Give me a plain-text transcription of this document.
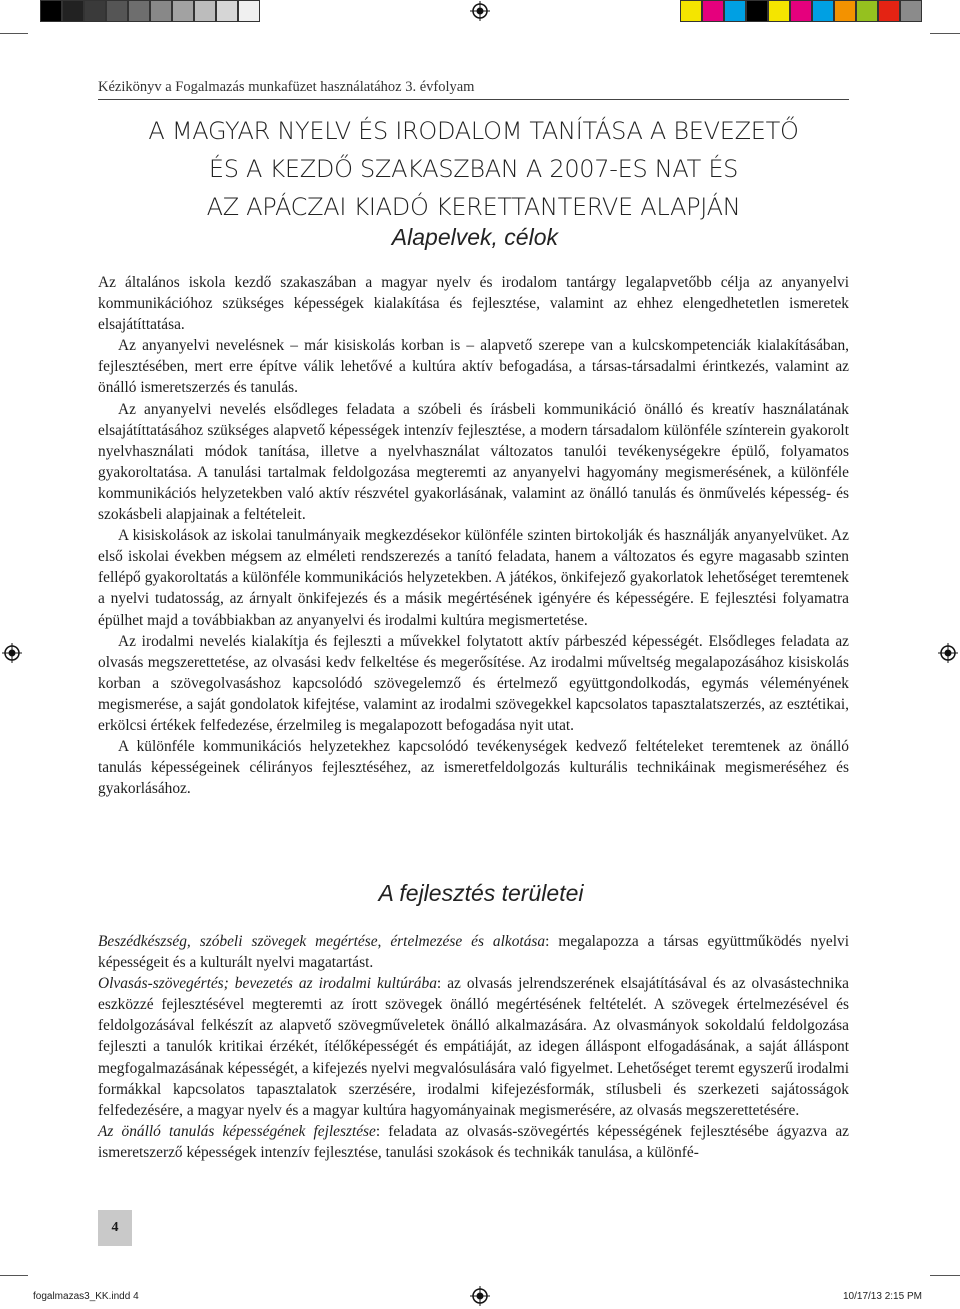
Kézikönyv a Fogalmazás munkafüzet használatához 3. évfolyam
A MAGYAR NYELV ÉS IRODALOM TANÍTÁSA A BEVEZETŐ
ÉS A KEZDŐ SZAKASZBAN A 2007-ES NAT ÉS
AZ APÁCZAI KIADÓ KERETTANTERVE ALAPJÁN
Alapelvek, célok

Az általános iskola kezdő szakaszában a magyar nyelv és irodalom tantárgy legalapvetőbb célja az anyanyelvi kommunikációhoz szükséges képességek kialakítása és fejlesztése, valamint az ehhez elengedhetetlen ismeretek elsajátíttatása.

Az anyanyelvi nevelésnek – már kisiskolás korban is – alapvető szerepe van a kulcskompetenciák kialakításában, fejlesztésében, mert erre építve válik lehetővé a kultúra aktív befogadása, a társas-társadalmi érintkezés, valamint az önálló ismeretszerzés és tanulás.

Az anyanyelvi nevelés elsődleges feladata a szóbeli és írásbeli kommunikáció önálló és kreatív használatának elsajátíttatásához szükséges alapvető képességek intenzív fejlesztése, a modern társadalom különféle színterein gyakorolt nyelvhasználati módok tanítása, illetve a nyelvhasználat változatos tanulói tevékenységekre épülő, folyamatos gyakoroltatása. A tanulási tartalmak feldolgozása megteremti az anyanyelvi hagyomány megismerésének, a különféle kommunikációs helyzetekben való aktív részvétel gyakorlásának, valamint az önálló tanulás és önművelés képesség- és szokásbeli alapjainak a feltételeit.

A kisiskolások az iskolai tanulmányaik megkezdésekor különféle szinten birtokolják és használják anyanyelvüket. Az első iskolai években mégsem az elméleti rendszerezés a tanító feladata, hanem a változatos és egyre magasabb szinten fellépő gyakoroltatás a különféle kommunikációs helyzetekben. A játékos, önkifejező gyakorlatok lehetőséget teremtenek a nyelvi tudatosság, az árnyalt önkifejezés és a másik megértésének igényére és képességére. E fejlesztési folyamatra épülhet majd a továbbiakban az anyanyelvi és irodalmi kultúra megismertetése.

Az irodalmi nevelés kialakítja és fejleszti a művekkel folytatott aktív párbeszéd képességét. Elsődleges feladata az olvasás megszerettetése, az olvasási kedv felkeltése és megerősítése. Az irodalmi műveltség megalapozásához kisiskolás korban a szövegolvasáshoz kapcsolódó szövegelemző és értelmező együttgondolkodás, egymás véleményének megismerése, a saját gondolatok kifejtése, valamint az irodalmi szövegekkel kapcsolatos tapasztalatszerzés, az esztétikai, erkölcsi értékek felfedezése, érzelmileg is megalapozott befogadása nyit utat.

A különféle kommunikációs helyzetekhez kapcsolódó tevékenységek kedvező feltételeket teremtenek az önálló tanulás képességeinek célirányos fejlesztéséhez, az ismeretfeldolgozás kulturális technikáinak megismeréséhez és gyakorlásához.

A fejlesztés területei

Beszédkészség, szóbeli szövegek megértése, értelmezése és alkotása: megalapozza a társas együttműködés nyelvi képességeit és a kulturált nyelvi magatartást.

Olvasás-szövegértés; bevezetés az irodalmi kultúrába: az olvasás jelrendszerének elsajátításával és az olvasástechnika eszközzé fejlesztésével megteremti az írott szövegek önálló megértésének feltételét. A szövegek értelmezésével és feldolgozásával felkészít az alapvető szövegműveletek önálló alkalmazására. Az olvasmányok sokoldalú feldolgozása fejleszti a tanulók kritikai érzékét, ítélőképességét és empátiáját, az idegen álláspont elfogadásának, a saját álláspont megfogalmazásának képességét, a kifejezés nyelvi megvalósulására való figyelmet. Lehetőséget teremt egyszerű irodalmi formákkal kapcsolatos tapasztalatok szerzésére, irodalmi kifejezésformák, stílusbeli és szerkezeti sajátosságok felfedezésére, a magyar nyelv és a magyar kultúra hagyományainak megismerésére, az olvasás megszerettetésére.

Az önálló tanulás képességének fejlesztése: feladata az olvasás-szövegértés képességének fejlesztésébe ágyazva az ismeretszerző képességek intenzív fejlesztése, tanulási szokások és technikák tanulása, a különfé-

4
fogalmazas3_KK.indd 4	10/17/13 2:15 PM
